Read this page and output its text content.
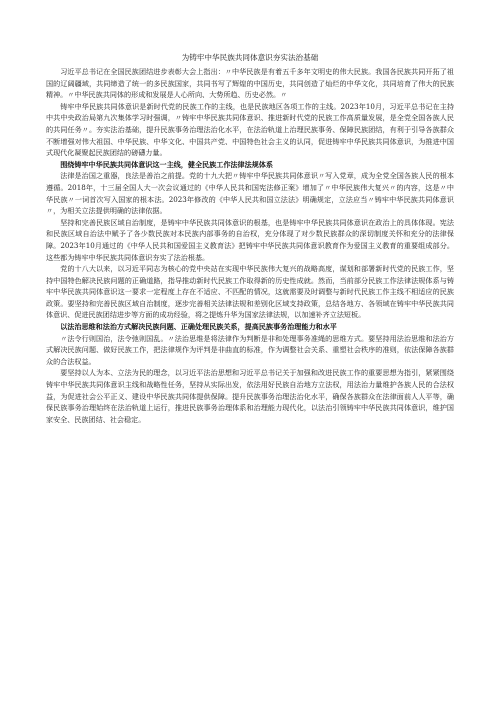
为铸牢中华民族共同体意识夯实法治基础
习近平总书记在全国民族团结进步表彰大会上指出：〃中华民族是有着五千多年文明史的伟大民族。我国各民族共同开拓了祖国的辽阔疆域，共同缔造了统一的多民族国家，共同书写了辉煌的中国历史，共同创造了灿烂的中华文化，共同培育了伟大的民族精神。〃中华民族共同体的形成和发展是人心所向、大势所趋、历史必然。〃
铸牢中华民族共同体意识是新时代党的民族工作的主线，也是民族地区各项工作的主线。2023年10月，习近平总书记在主持中共中央政治局第九次集体学习时强调，〃铸牢中华民族共同体意识、推进新时代党的民族工作高质量发展，是全党全国各族人民的共同任务〃。夯实法治基础，提升民族事务治理法治化水平，在法治轨道上治理民族事务、保障民族团结，有利于引导各族群众不断增强对伟大祖国、中华民族、中华文化、中国共产党、中国特色社会主义的认同，促进铸牢中华民族共同体意识，为推进中国式现代化凝聚起民族团结的磅礴力量。
围绕铸牢中华民族共同体意识这一主线，健全民族工作法律法规体系
法律是治国之重器，良法是善治之前提。党的十九大把〃铸牢中华民族共同体意识〃写入党章，成为全党全国各族人民的根本遵循。2018年，十三届全国人大一次会议通过的《中华人民共和国宪法修正案》增加了〃中华民族伟大复兴〃的内容，这是〃中华民族〃一词首次写入国家的根本法。2023年修改的《中华人民共和国立法法》明确规定，立法应当〃铸牢中华民族共同体意识〃，为相关立法提供明确的法律依据。
坚持和完善民族区域自治制度，是铸牢中华民族共同体意识的根基，也是铸牢中华民族共同体意识在政治上的具体体现。宪法和民族区域自治法中赋予了各少数民族对本民族内部事务的自治权，充分体现了对少数民族群众的深切制度关怀和充分的法律保障。2023年10月通过的《中华人民共和国爱国主义教育法》把铸牢中华民族共同体意识教育作为爱国主义教育的重要组成部分。这些都为铸牢中华民族共同体意识夯实了法治根基。
党的十八大以来，以习近平同志为核心的党中央站在实现中华民族伟大复兴的战略高度，谋划和部署新时代党的民族工作，坚持中国特色解决民族问题的正确道路，指导推动新时代民族工作取得新的历史性成就。然而，当前部分民族工作法律法规体系与铸牢中华民族共同体意识这一要求一定程度上存在不适应、不匹配的情况，这就需要及时调整与新时代民族工作主线不相适应的民族政策。要坚持和完善民族区域自治制度，逐步完善相关法律法规和差别化区域支持政策，总结各地方、各领域在铸牢中华民族共同体意识、促进民族团结进步等方面的成功经验，将之提炼升华为国家法律法规，以加速补齐立法短板。
以法治思维和法治方式解决民族问题、正确处理民族关系，提高民族事务治理能力和水平
〃法令行则国治，法令弛则国乱。〃法治思维是将法律作为判断是非和处理事务准绳的思维方式。要坚持用法治思维和法治方式解决民族问题、做好民族工作，把法律规作为评判是非曲直的标准，作为调整社会关系、重塑社会秩序的准则，依法保障各族群众的合法权益。
要坚持以人为本、立法为民的理念，以习近平法治思想和习近平总书记关于加强和改进民族工作的重要思想为指引，紧紧围绕铸牢中华民族共同体意识主线和战略性任务，坚持从实际出发，依法用好民族自治地方立法权，用法治力量维护各族人民的合法权益，为促进社会公平正义、建设中华民族共同体提供保障。提升民族事务治理法治化水平，确保各族群众在法律面前人人平等，确保民族事务治理始终在法治轨道上运行，推进民族事务治理体系和治理能力现代化，以法治引领铸牢中华民族共同体意识，维护国家安全、民族团结、社会稳定。
